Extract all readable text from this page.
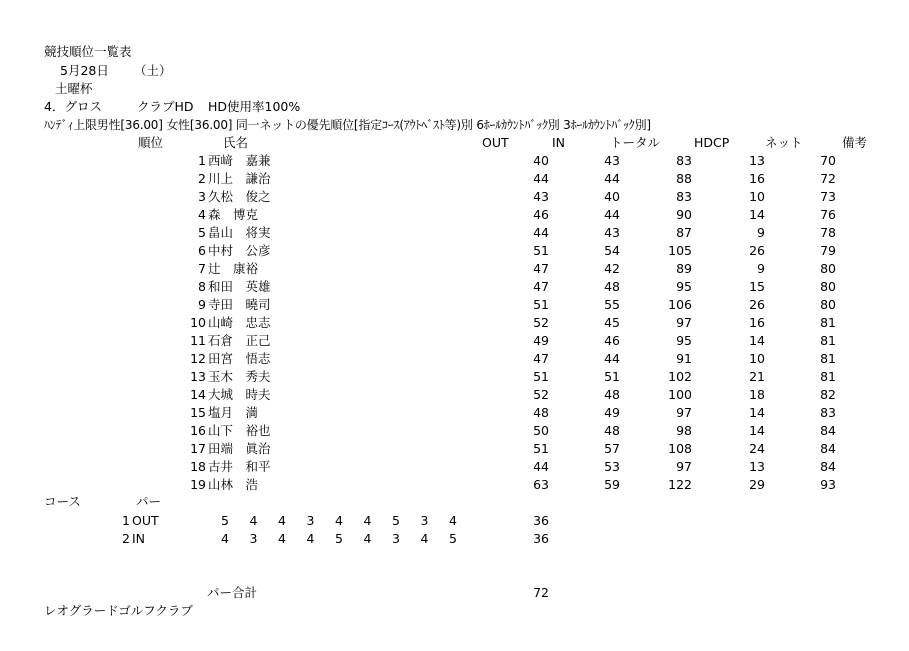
競技順位一覧表
5月28日 （土）
土曜杯
4．グロス	クラブHD HD使用率100%
ﾊﾝﾃﾞｨ上限男性[36.00] 女性[36.00] 同一ネットの優先順位[指定ｺｰｽ(ｱｳﾄﾍﾞｽﾄ等)別 6ﾎｰﾙｶｳﾝﾄﾊﾞｯｸ別 3ﾎｰﾙｶｳﾝﾄﾊﾞｯｸ別]
順位	氏名	OUT	IN	トータル	HDCP	ネット	備考
1 西﨑　嘉兼	40	43	83	13	70
2 川上　謙治	44	44	88	16	72
3 久松　俊之	43	40	83	10	73
4 森　博克	46	44	90	14	76
5 畠山　将実	44	43	87	9	78
6 中村　公彦	51	54	105	26	79
7 辻　康裕	47	42	89	9	80
8 和田　英雄	47	48	95	15	80
9 寺田　曉司	51	55	106	26	80
10 山崎　忠志	52	45	97	16	81
11 石倉　正己	49	46	95	14	81
12 田宮　悟志	47	44	91	10	81
13 玉木　秀夫	51	51	102	21	81
14 大城　時夫	52	48	100	18	82
15 塩月　満	48	49	97	14	83
16 山下　裕也	50	48	98	14	84
17 田端　眞治	51	57	108	24	84
18 古井　和平	44	53	97	13	84
19 山林　浩	63	59	122	29	93
コース	パー
1 OUT	5	4	4	3	4	4	5	3	4	36
2 IN	4	3	4	4	5	4	3	4	5	36
パー合計	72
レオグラードゴルフクラブ
